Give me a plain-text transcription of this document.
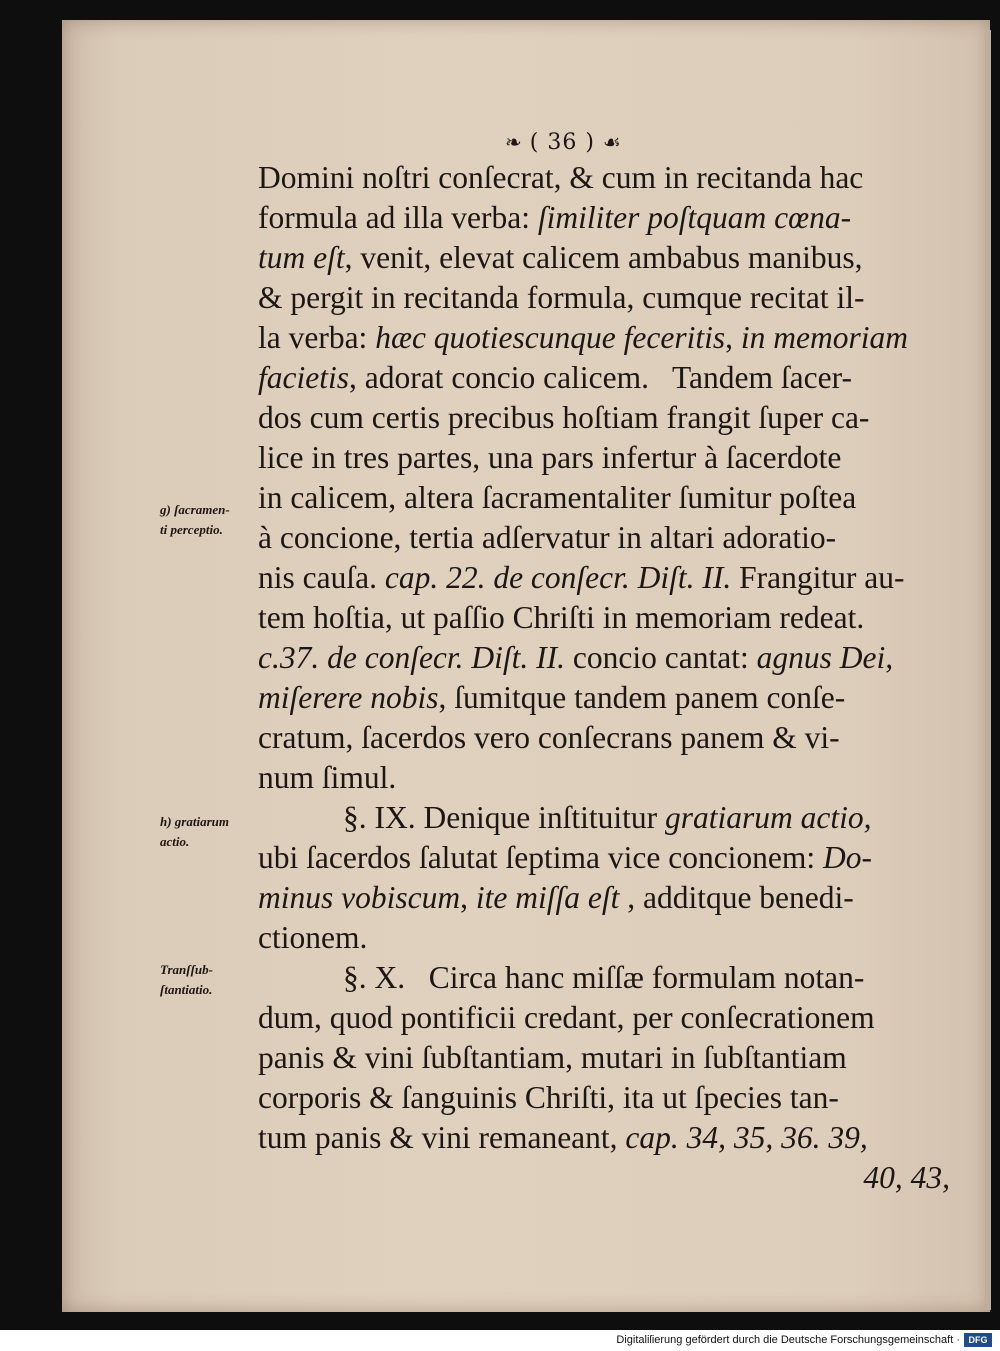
❧ ( 36 ) ☙
Domini noſtri conſecrat, & cum in recitanda hac
formula ad illa verba: ſimiliter poſtquam cœna-
tum eſt , venit, elevat calicem ambabus manibus,
& pergit in recitanda formula, cumque recitat il-
la verba: hæc quotiescunque feceritis , in memoriam
facietis , adorat concio calicem.   Tandem ſacer-
dos cum certis precibus hoſtiam frangit ſuper ca-
lice in tres partes, una pars infertur à ſacerdote
in calicem, altera ſacramentaliter ſumitur poſtea
à concione, tertia adſervatur in altari adoratio-
nis cauſa. cap. 22. de conſecr. Diſt. II. Frangitur au-
tem hoſtia, ut paſſio Chriſti in memoriam redeat.
c.37. de conſecr. Diſt. II. concio cantat: agnus Dei,
miſerere nobis , ſumitque tandem panem conſe-
cratum, ſacerdos vero conſecrans panem & vi-
num ſimul.
§. IX. Denique inſtituitur gratiarum actio,
ubi ſacerdos ſalutat ſeptima vice concionem: Do-
minus vobiscum , ite miſſa eſt , additque benedi-
ctionem.
§. X.   Circa hanc miſſæ formulam notan-
dum, quod pontificii credant, per conſecrationem
panis & vini ſubſtantiam, mutari in ſubſtantiam
corporis & ſanguinis Chriſti, ita ut ſpecies tan-
tum panis & vini remaneant, cap. 34, 35, 36. 39,
40, 43,
g) ſacramen-
ti perceptio.
h) gratiarum
actio.
Tranſſub-
ſtantiatio.
Digitaliſierung gefördert durch die Deutsche Forschungsgemeinschaft · DFG
